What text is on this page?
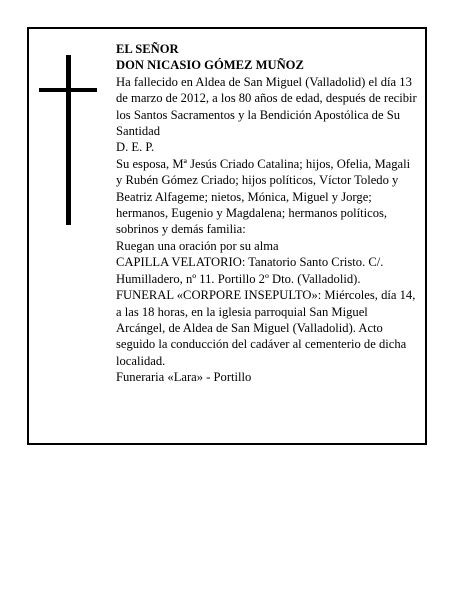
EL SEÑOR

DON NICASIO GÓMEZ MUÑOZ

Ha fallecido en Aldea de San Miguel (Valladolid) el día 13 de marzo de 2012, a los 80 años de edad, después de recibir los Santos Sacramentos y la Bendición Apostólica de Su Santidad

D. E. P.

Su esposa, Mª Jesús Criado Catalina; hijos, Ofelia, Magali y Rubén Gómez Criado; hijos políticos, Víctor Toledo y Beatriz Alfageme; nietos, Mónica, Miguel y Jorge; hermanos, Eugenio y Magdalena; hermanos políticos, sobrinos y demás familia:

Ruegan una oración por su alma

CAPILLA VELATORIO: Tanatorio Santo Cristo. C/. Humilladero, nº 11. Portillo 2º Dto. (Valladolid).

FUNERAL «CORPORE INSEPULTO»: Miércoles, día 14, a las 18 horas, en la iglesia parroquial San Miguel Arcángel, de Aldea de San Miguel (Valladolid). Acto seguido la conducción del cadáver al cementerio de dicha localidad.

Funeraria «Lara» - Portillo
